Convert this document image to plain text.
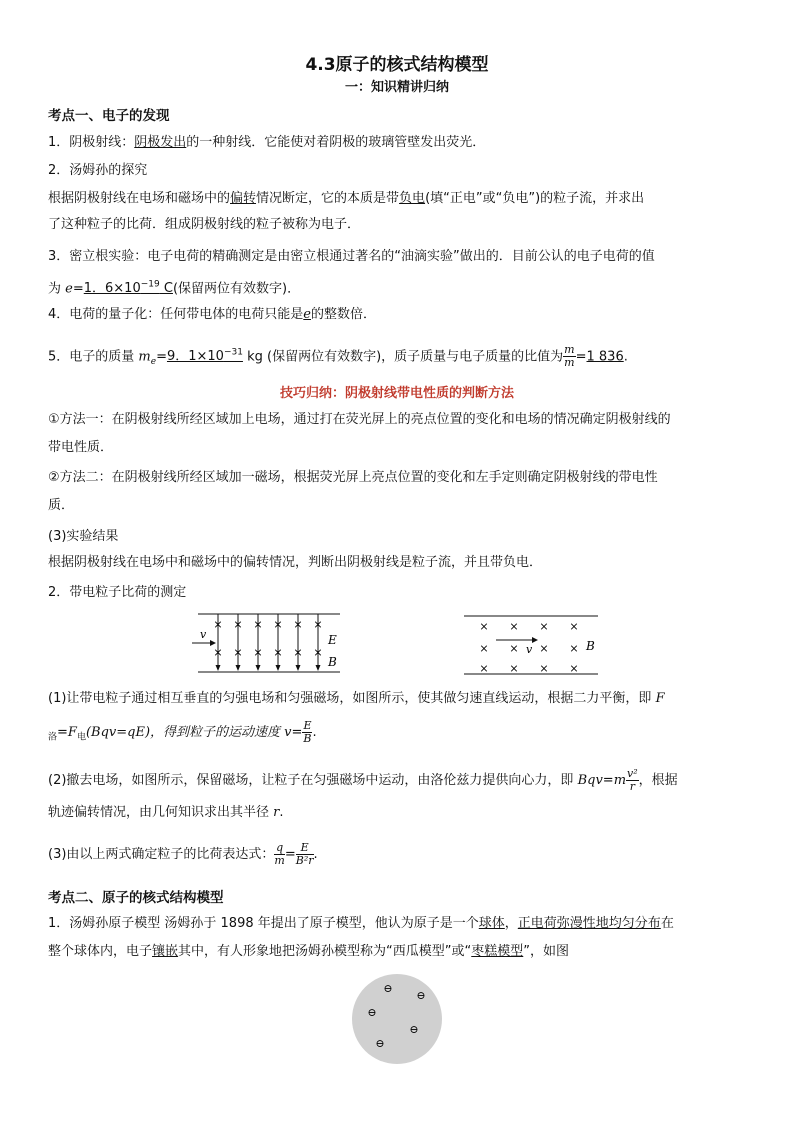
4.3原子的核式结构模型
一：知识精讲归纳
考点一、电子的发现
1．阴极射线：阴极发出的一种射线．它能使对着阴极的玻璃管壁发出荧光．
2．汤姆孙的探究
根据阴极射线在电场和磁场中的偏转情况断定，它的本质是带负电(填“正电”或“负电”)的粒子流，并求出
了这种粒子的比荷．组成阴极射线的粒子被称为电子．
3．密立根实验：电子电荷的精确测定是由密立根通过著名的“油滴实验”做出的．目前公认的电子电荷的值
为 e=1．$6\times 10^{-19}$ C(保留两位有效数字)．
4．电荷的量子化：任何带电体的电荷只能是e的整数倍．
5．电子的质量 $m_e=9$．$1\times 10^{-31}$ kg (保留两位有效数字)，质子质量与电子质量的比值为 $\frac{m}{m} =1$ 836.
技巧归纳：阴极射线带电性质的判断方法
①方法一：在阴极射线所经区域加上电场，通过打在荧光屏上的亮点位置的变化和电场的情况确定阴极射线的
带电性质．
②方法二：在阴极射线所经区域加一磁场，根据荧光屏上亮点位置的变化和左手定则确定阴极射线的带电性
质．
(3)实验结果
根据阴极射线在电场中和磁场中的偏转情况，判断出阴极射线是粒子流，并且带负电．
2．带电粒子比荷的测定
×
×
×
×
×
×
×
×
×
×
×
×
v	E
B
× × × ×
× × × ×
× × × ×
v	B
(1)让带电粒子通过相互垂直的匀强电场和匀强磁场，如图所示，使其做匀速直线运动，根据二力平衡，即 F
$_洛=F_电(Bqv=qE)$，得到粒子的运动速度 $v= \frac{E}{B}$ .
(2)撤去电场，如图所示，保留磁场，让粒子在匀强磁场中运动，由洛伦兹力提供向心力，即 $Bqv=m \frac{\text{v²}}{r}$ ，根据
轨迹偏转情况，由几何知识求出其半径 r.
(3)由以上两式确定粒子的比荷表达式： $\frac{q}{m} = \frac{E}{\text{B²r}}$ .
考点二、原子的核式结构模型
1．汤姆孙原子模型 汤姆孙于 1898 年提出了原子模型，他认为原子是一个球体，正电荷弥漫性地均匀分布在
整个球体内，电子镶嵌其中，有人形象地把汤姆孙模型称为“西瓜模型”或“枣糕模型”，如图
⊖
⊖
⊖
⊖
⊖
